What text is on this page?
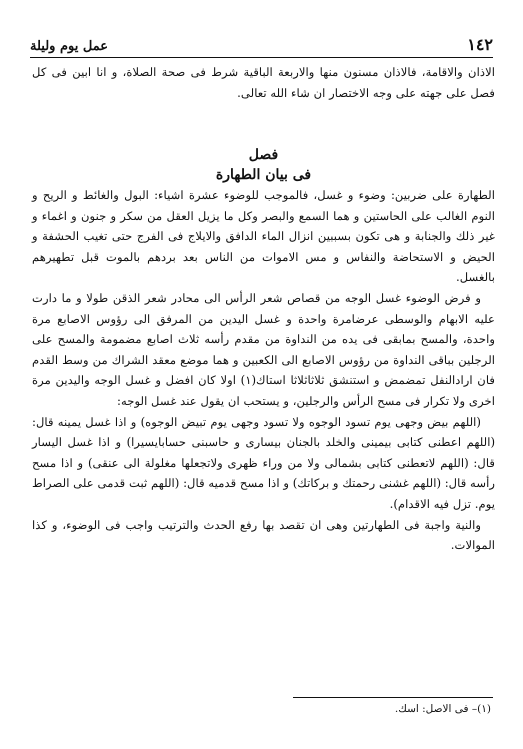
١٤٢
عمل يوم وليلة

الاذان والاقامة، فالاذان مسنون منها والاربعة الباقية شرط فى صحة الصلاة، و انا ابين فى كل فصل على جهته على وجه الاختصار ان شاء الله تعالى.

فصل
فى بيان الطهارة

الطهارة على ضربين: وضوء و غسل، فالموجب للوضوء عشرة اشياء: البول والغائط و الريح و النوم الغالب على الحاستين و هما السمع والبصر وكل ما يزيل العقل من سكر و جنون و اغماء و غير ذلك والجنابة و هى تكون بسببين انزال الماء الدافق والايلاج فى الفرج حتى تغيب الحشفة و الحيض و الاستحاضة والنفاس و مس الاموات من الناس بعد بردهم بالموت قبل تطهيرهم بالغسل.

و فرض الوضوء غسل الوجه من قصاص شعر الرأس الى محادر شعر الذقن طولا و ما دارت عليه الابهام والوسطى عرضامرة واحدة و غسل اليدين من المرفق الى رؤوس الاصابع مرة واحدة، والمسح بمابقى فى يده من النداوة من مقدم رأسه ثلاث اصابع مضمومة والمسح على الرجلين بباقى النداوة من رؤوس الاصابع الى الكعبين و هما موضع معقد الشراك من وسط القدم فان ارادالنفل تمضمض و استنشق ثلاثاثلاثا استاك(١) اولا كان افضل و غسل الوجه واليدين مرة اخرى ولا تكرار فى مسح الرأس والرجلين، و يستحب ان يقول عند غسل الوجه:

(اللهم بيض وجهى يوم تسود الوجوه ولا تسود وجهى يوم تبيض الوجوه) و اذا غسل يمينه قال: (اللهم اعطنى كتابى بيمينى والخلد بالجنان بيسارى و حاسبنى حسابايسيرا) و اذا غسل اليسار قال: (اللهم لاتعطنى كتابى بشمالى ولا من وراء ظهرى ولاتجعلها مغلولة الى عنقى) و اذا مسح رأسه قال: (اللهم غشنى رحمتك و بركاتك) و اذا مسح قدميه قال: (اللهم ثبت قدمى على الصراط يوم. تزل فيه الاقدام).

والنية واجبة فى الطهارتين وهى ان تقصد بها رفع الحدث والترتيب واجب فى الوضوء، و كذا الموالات.

(١)– فى الاصل: اسك.
